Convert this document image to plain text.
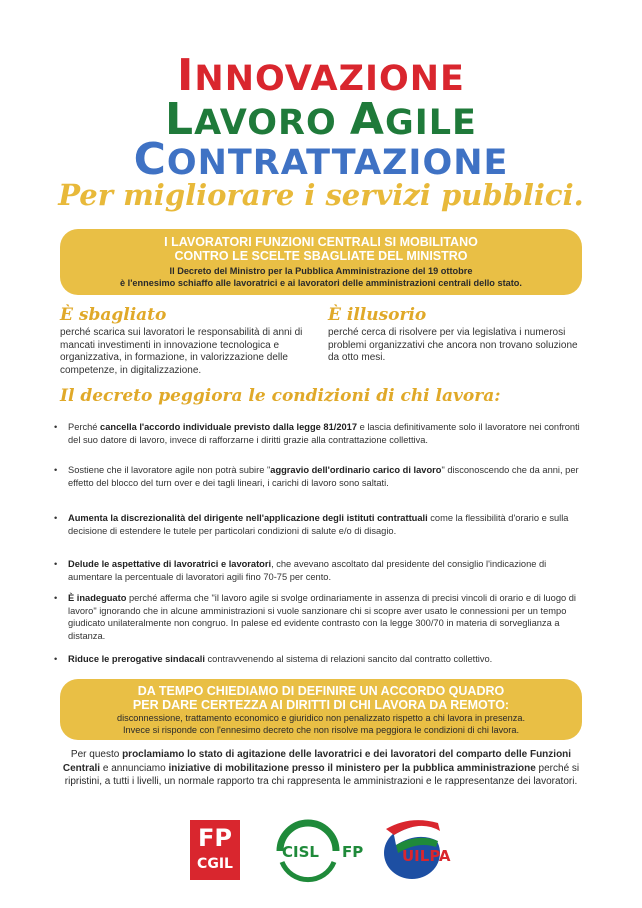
INNOVAZIONE
LAVORO AGILE
CONTRATTAZIONE
Per migliorare i servizi pubblici.
I LAVORATORI FUNZIONI CENTRALI SI MOBILITANO
CONTRO LE SCELTE SBAGLIATE DEL MINISTRO
Il Decreto del Ministro per la Pubblica Amministrazione del 19 ottobre
è l'ennesimo schiaffo alle lavoratrici e ai lavoratori delle amministrazioni centrali dello stato.
È sbagliato
perché scarica sui lavoratori le responsabilità di anni di mancati investimenti in innovazione tecnologica e organizzativa, in formazione, in valorizzazione delle competenze, in digitalizzazione.
È illusorio
perché cerca di risolvere per via legislativa i numerosi problemi organizzativi che ancora non trovano soluzione da otto mesi.
Il decreto peggiora le condizioni di chi lavora:
• Perché cancella l'accordo individuale previsto dalla legge 81/2017 e lascia definitivamente solo il lavoratore nei confronti del suo datore di lavoro, invece di rafforzarne i diritti grazie alla contrattazione collettiva.
• Sostiene che il lavoratore agile non potrà subire "aggravio dell'ordinario carico di lavoro" disconoscendo che da anni, per effetto del blocco del turn over e dei tagli lineari, i carichi di lavoro sono saltati.
• Aumenta la discrezionalità del dirigente nell'applicazione degli istituti contrattuali come la flessibilità d'orario e sulla decisione di estendere le tutele per particolari condizioni di salute e/o di disagio.
• Delude le aspettative di lavoratrici e lavoratori, che avevano ascoltato dal presidente del consiglio l'indicazione di aumentare la percentuale di lavoratori agili fino 70-75 per cento.
• È inadeguato perché afferma che "il lavoro agile si svolge ordinariamente in assenza di precisi vincoli di orario e di luogo di lavoro" ignorando che in alcune amministrazioni si vuole sanzionare chi si scopre aver usato le connessioni per un tempo giudicato unilateralmente non congruo. In palese ed evidente contrasto con la legge 300/70 in materia di sorveglianza a distanza.
• Riduce le prerogative sindacali contravvenendo al sistema di relazioni sancito dal contratto collettivo.
DA TEMPO CHIEDIAMO DI DEFINIRE UN ACCORDO QUADRO
PER DARE CERTEZZA AI DIRITTI DI CHI LAVORA DA REMOTO:
disconnessione, trattamento economico e giuridico non penalizzato rispetto a chi lavora in presenza.
Invece si risponde con l'ennesimo decreto che non risolve ma peggiora le condizioni di chi lavora.
Per questo proclamiamo lo stato di agitazione delle lavoratrici e dei lavoratori del comparto delle Funzioni Centrali e annunciamo iniziative di mobilitazione presso il ministero per la pubblica amministrazione perché si ripristini, a tutti i livelli, un normale rapporto tra chi rappresenta le amministrazioni e le rappresentanze dei lavoratori.
FP
CGIL
CISL FP	UILPA
